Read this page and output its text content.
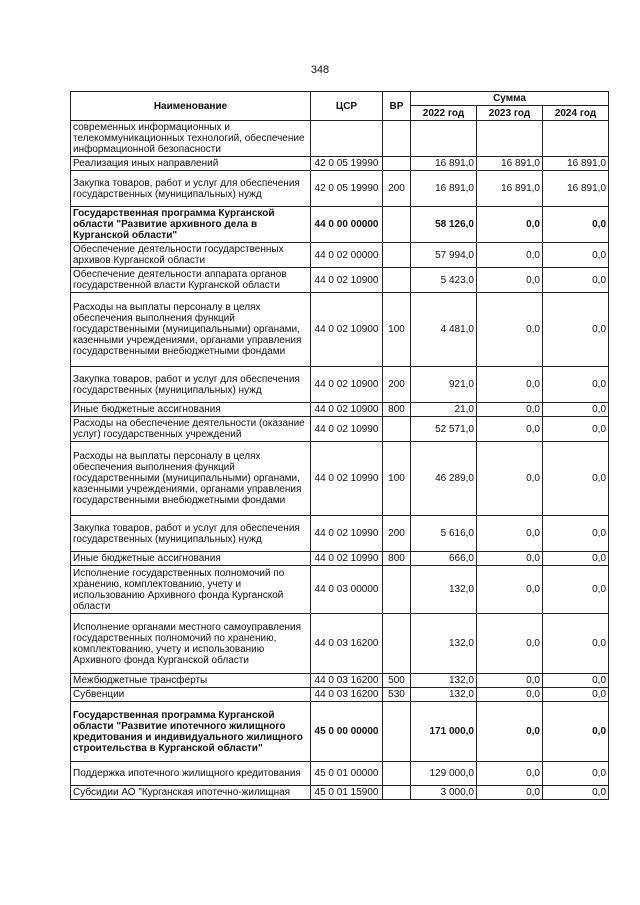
348
Наименование	ЦСР	ВР	Сумма		
			2022 год	2023 год	2024 год
современных информационных и телекоммуникационных технологий, обеспечение информационной безопасности					
Реализация иных направлений	42 0 05 19990		16 891,0	16 891,0	16 891,0
Закупка товаров, работ и услуг для обеспечения государственных (муниципальных) нужд	42 0 05 19990	200	16 891,0	16 891,0	16 891,0
Государственная программа Курганской области "Развитие архивного дела в Курганской области"	44 0 00 00000		58 126,0	0,0	0,0
Обеспечение деятельности государственных архивов Курганской области	44 0 02 00000		57 994,0	0,0	0,0
Обеспечение деятельности аппарата органов государственной власти Курганской области	44 0 02 10900		5 423,0	0,0	0,0
Расходы на выплаты персоналу в целях обеспечения выполнения функций государственными (муниципальными) органами, казенными учреждениями, органами управления государственными внебюджетными фондами	44 0 02 10900	100	4 481,0	0,0	0,0
Закупка товаров, работ и услуг для обеспечения государственных (муниципальных) нужд	44 0 02 10900	200	921,0	0,0	0,0
Иные бюджетные ассигнования	44 0 02 10900	800	21,0	0,0	0,0
Расходы на обеспечение деятельности (оказание услуг) государственных учреждений	44 0 02 10990		52 571,0	0,0	0,0
Расходы на выплаты персоналу в целях обеспечения выполнения функций государственными (муниципальными) органами, казенными учреждениями, органами управления государственными внебюджетными фондами	44 0 02 10990	100	46 289,0	0,0	0,0
Закупка товаров, работ и услуг для обеспечения государственных (муниципальных) нужд	44 0 02 10990	200	5 616,0	0,0	0,0
Иные бюджетные ассигнования	44 0 02 10990	800	666,0	0,0	0,0
Исполнение государственных полномочий по хранению, комплектованию, учету и использованию Архивного фонда Курганской области	44 0 03 00000		132,0	0,0	0,0
Исполнение органами местного самоуправления государственных полномочий по хранению, комплектованию, учету и использованию Архивного фонда Курганской области	44 0 03 16200		132,0	0,0	0,0
Межбюджетные трансферты	44 0 03 16200	500	132,0	0,0	0,0
Субвенции	44 0 03 16200	530	132,0	0,0	0,0
Государственная программа Курганской области "Развитие ипотечного жилищного кредитования и индивидуального жилищного строительства в Курганской области"	45 0 00 00000		171 000,0	0,0	0,0
Поддержка ипотечного жилищного кредитования	45 0 01 00000		129 000,0	0,0	0,0
Субсидии АО "Курганская ипотечно-жилищная	45 0 01 15900		3 000,0	0,0	0,0
